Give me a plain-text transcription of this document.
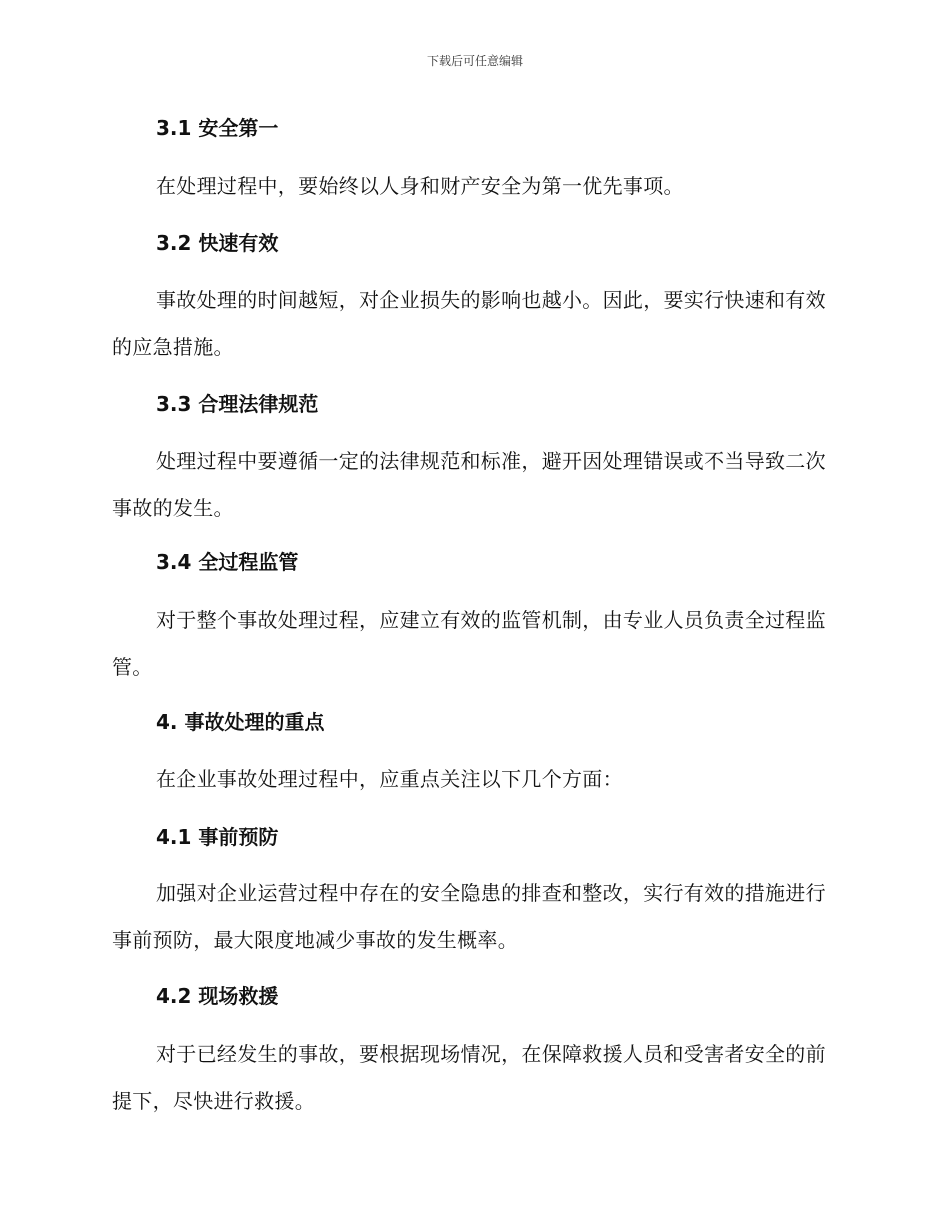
下载后可任意编辑
3.1 安全第一

在处理过程中，要始终以人身和财产安全为第一优先事项。

3.2 快速有效

事故处理的时间越短，对企业损失的影响也越小。因此，要实行快速和有效的应急措施。

3.3 合理法律规范

处理过程中要遵循一定的法律规范和标准，避开因处理错误或不当导致二次事故的发生。

3.4 全过程监管

对于整个事故处理过程，应建立有效的监管机制，由专业人员负责全过程监管。

4. 事故处理的重点

在企业事故处理过程中，应重点关注以下几个方面：

4.1 事前预防

加强对企业运营过程中存在的安全隐患的排查和整改，实行有效的措施进行事前预防，最大限度地减少事故的发生概率。

4.2 现场救援

对于已经发生的事故，要根据现场情况，在保障救援人员和受害者安全的前提下，尽快进行救援。
